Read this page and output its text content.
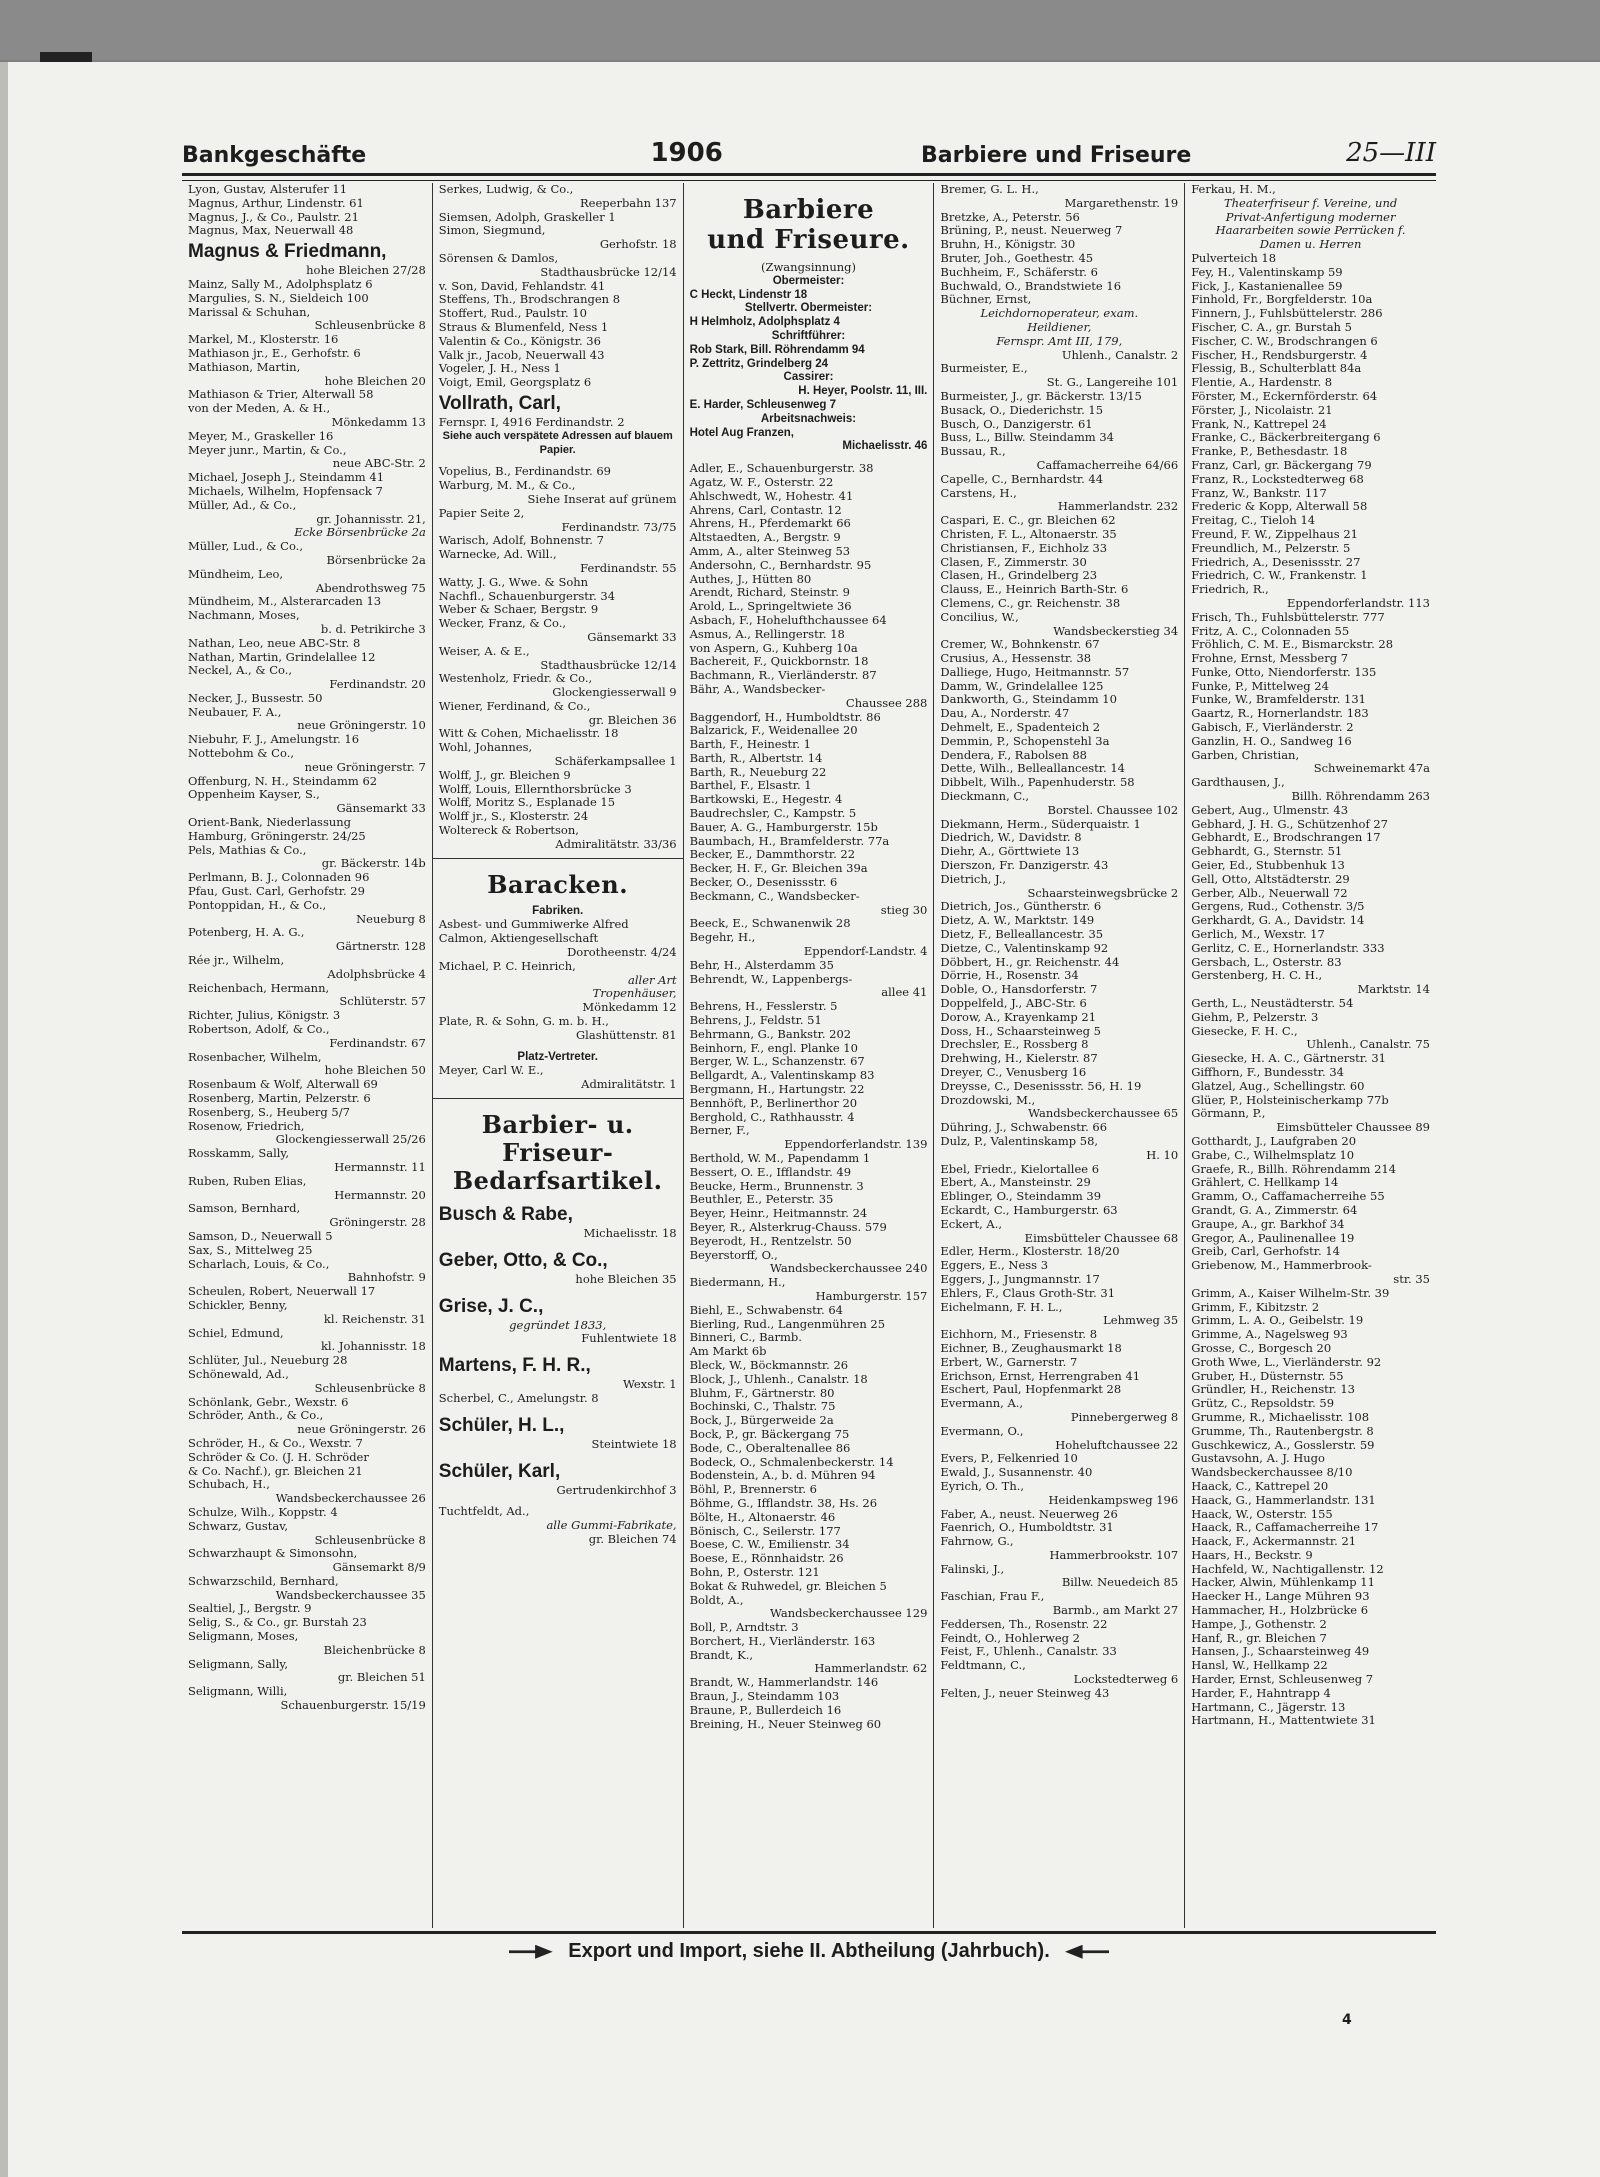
Bankgeschäfte	1906	Barbiere und Friseure	25—III

Lyon, Gustav, Alsterufer 11

Magnus, Arthur, Lindenstr. 61

Magnus, J., & Co., Paulstr. 21

Magnus, Max, Neuerwall 48

Magnus & Friedmann,

hohe Bleichen 27/28

Mainz, Sally M., Adolphsplatz 6

Margulies, S. N., Sieldeich 100

Marissal & Schuhan,

Schleusenbrücke 8

Markel, M., Klosterstr. 16

Mathiason jr., E., Gerhofstr. 6

Mathiason, Martin,

hohe Bleichen 20

Mathiason & Trier, Alterwall 58

von der Meden, A. & H.,

Mönkedamm 13

Meyer, M., Graskeller 16

Meyer junr., Martin, & Co.,

neue ABC-Str. 2

Michael, Joseph J., Steindamm 41

Michaels, Wilhelm, Hopfensack 7

Müller, Ad., & Co.,

gr. Johannisstr. 21,

Ecke Börsenbrücke 2a

Müller, Lud., & Co.,

Börsenbrücke 2a

Mündheim, Leo,

Abendrothsweg 75

Mündheim, M., Alsterarcaden 13

Nachmann, Moses,

b. d. Petrikirche 3

Nathan, Leo, neue ABC-Str. 8

Nathan, Martin, Grindelallee 12

Neckel, A., & Co.,

Ferdinandstr. 20

Necker, J., Bussestr. 50

Neubauer, F. A.,

neue Gröningerstr. 10

Niebuhr, F. J., Amelungstr. 16

Nottebohm & Co.,

neue Gröningerstr. 7

Offenburg, N. H., Steindamm 62

Oppenheim Kayser, S.,

Gänsemarkt 33

Orient-Bank, Niederlassung

Hamburg, Gröningerstr. 24/25

Pels, Mathias & Co.,

gr. Bäckerstr. 14b

Perlmann, B. J., Colonnaden 96

Pfau, Gust. Carl, Gerhofstr. 29

Pontoppidan, H., & Co.,

Neueburg 8

Potenberg, H. A. G.,

Gärtnerstr. 128

Rée jr., Wilhelm,

Adolphsbrücke 4

Reichenbach, Hermann,

Schlüterstr. 57

Richter, Julius, Königstr. 3

Robertson, Adolf, & Co.,

Ferdinandstr. 67

Rosenbacher, Wilhelm,

hohe Bleichen 50

Rosenbaum & Wolf, Alterwall 69

Rosenberg, Martin, Pelzerstr. 6

Rosenberg, S., Heuberg 5/7

Rosenow, Friedrich,

Glockengiesserwall 25/26

Rosskamm, Sally,

Hermannstr. 11

Ruben, Ruben Elias,

Hermannstr. 20

Samson, Bernhard,

Gröningerstr. 28

Samson, D., Neuerwall 5

Sax, S., Mittelweg 25

Scharlach, Louis, & Co.,

Bahnhofstr. 9

Scheulen, Robert, Neuerwall 17

Schickler, Benny,

kl. Reichenstr. 31

Schiel, Edmund,

kl. Johannisstr. 18

Schlüter, Jul., Neueburg 28

Schönewald, Ad.,

Schleusenbrücke 8

Schönlank, Gebr., Wexstr. 6

Schröder, Anth., & Co.,

neue Gröningerstr. 26

Schröder, H., & Co., Wexstr. 7

Schröder & Co. (J. H. Schröder

& Co. Nachf.), gr. Bleichen 21

Schubach, H.,

Wandsbeckerchaussee 26

Schulze, Wilh., Koppstr. 4

Schwarz, Gustav,

Schleusenbrücke 8

Schwarzhaupt & Simonsohn,

Gänsemarkt 8/9

Schwarzschild, Bernhard,

Wandsbeckerchaussee 35

Sealtiel, J., Bergstr. 9

Selig, S., & Co., gr. Burstah 23

Seligmann, Moses,

Bleichenbrücke 8

Seligmann, Sally,

gr. Bleichen 51

Seligmann, Willi,

Schauenburgerstr. 15/19

Serkes, Ludwig, & Co.,

Reeperbahn 137

Siemsen, Adolph, Graskeller 1

Simon, Siegmund,

Gerhofstr. 18

Sörensen & Damlos,

Stadthausbrücke 12/14

v. Son, David, Fehlandstr. 41

Steffens, Th., Brodschrangen 8

Stoffert, Rud., Paulstr. 10

Straus & Blumenfeld, Ness 1

Valentin & Co., Königstr. 36

Valk jr., Jacob, Neuerwall 43

Vogeler, J. H., Ness 1

Voigt, Emil, Georgsplatz 6

Vollrath, Carl,

Fernspr. I, 4916 Ferdinandstr. 2

Siehe auch verspätete Adressen auf blauem Papier.

Vopelius, B., Ferdinandstr. 69

Warburg, M. M., & Co.,

Siehe Inserat auf grünem

Papier Seite 2,

Ferdinandstr. 73/75

Warisch, Adolf, Bohnenstr. 7

Warnecke, Ad. Will.,

Ferdinandstr. 55

Watty, J. G., Wwe. & Sohn

Nachfl., Schauenburgerstr. 34

Weber & Schaer, Bergstr. 9

Wecker, Franz, & Co.,

Gänsemarkt 33

Weiser, A. & E.,

Stadthausbrücke 12/14

Westenholz, Friedr. & Co.,

Glockengiesserwall 9

Wiener, Ferdinand, & Co.,

gr. Bleichen 36

Witt & Cohen, Michaelisstr. 18

Wohl, Johannes,

Schäferkampsallee 1

Wolff, J., gr. Bleichen 9

Wolff, Louis, Ellernthorsbrücke 3

Wolff, Moritz S., Esplanade 15

Wolff jr., S., Klosterstr. 24

Woltereck & Robertson,

Admiralitätstr. 33/36

Baracken.

Fabriken.

Asbest- und Gummiwerke Alfred

Calmon, Aktiengesellschaft

Dorotheenstr. 4/24

Michael, P. C. Heinrich,

aller Art

Tropenhäuser,

Mönkedamm 12

Plate, R. & Sohn, G. m. b. H.,

Glashüttenstr. 81

Platz-Vertreter.

Meyer, Carl W. E.,

Admiralitätstr. 1

Barbier- u. Friseur-
Bedarfsartikel.
Busch & Rabe,

Michaelisstr. 18

Geber, Otto, & Co.,

hohe Bleichen 35

Grise, J. C.,

gegründet 1833,

Fuhlentwiete 18

Martens, F. H. R.,

Wexstr. 1

Scherbel, C., Amelungstr. 8

Schüler, H. L.,

Steintwiete 18

Schüler, Karl,

Gertrudenkirchhof 3

Tuchtfeldt, Ad.,

alle Gummi-Fabrikate,

gr. Bleichen 74

Barbiere
und Friseure.

(Zwangsinnung)

Obermeister:

C Heckt, Lindenstr 18

Stellvertr. Obermeister:

H Helmholz, Adolphsplatz 4

Schriftführer:

Rob Stark, Bill. Röhrendamm 94

P. Zettritz, Grindelberg 24

Cassirer:

H. Heyer, Poolstr. 11, III.

E. Harder, Schleusenweg 7

Arbeitsnachweis:

Hotel Aug Franzen,

Michaelisstr. 46

Adler, E., Schauenburgerstr. 38

Agatz, W. F., Osterstr. 22

Ahlschwedt, W., Hohestr. 41

Ahrens, Carl, Contastr. 12

Ahrens, H., Pferdemarkt 66

Altstaedten, A., Bergstr. 9

Amm, A., alter Steinweg 53

Andersohn, C., Bernhardstr. 95

Authes, J., Hütten 80

Arendt, Richard, Steinstr. 9

Arold, L., Springeltwiete 36

Asbach, F., Hohelufthchaussee 64

Asmus, A., Rellingerstr. 18

von Aspern, G., Kuhberg 10a

Bachereit, F., Quickbornstr. 18

Bachmann, R., Vierländerstr. 87

Bähr, A., Wandsbecker-

Chaussee 288

Baggendorf, H., Humboldtstr. 86

Balzarick, F., Weidenallee 20

Barth, F., Heinestr. 1

Barth, R., Albertstr. 14

Barth, R., Neueburg 22

Barthel, F., Elsastr. 1

Bartkowski, E., Hegestr. 4

Baudrechsler, C., Kampstr. 5

Bauer, A. G., Hamburgerstr. 15b

Baumbach, H., Bramfelderstr. 77a

Becker, E., Dammthorstr. 22

Becker, H. F., Gr. Bleichen 39a

Becker, O., Desenissstr. 6

Beckmann, C., Wandsbecker-

stieg 30

Beeck, E., Schwanenwik 28

Begehr, H.,

Eppendorf-Landstr. 4

Behr, H., Alsterdamm 35

Behrendt, W., Lappenbergs-

allee 41

Behrens, H., Fesslerstr. 5

Behrens, J., Feldstr. 51

Behrmann, G., Bankstr. 202

Beinhorn, F., engl. Planke 10

Berger, W. L., Schanzenstr. 67

Bellgardt, A., Valentinskamp 83

Bergmann, H., Hartungstr. 22

Bennhöft, P., Berlinerthor 20

Berghold, C., Rathhausstr. 4

Berner, F.,

Eppendorferlandstr. 139

Berthold, W. M., Papendamm 1

Bessert, O. E., Ifflandstr. 49

Beucke, Herm., Brunnenstr. 3

Beuthler, E., Peterstr. 35

Beyer, Heinr., Heitmannstr. 24

Beyer, R., Alsterkrug-Chauss. 579

Beyerodt, H., Rentzelstr. 50

Beyerstorff, O.,

Wandsbeckerchaussee 240

Biedermann, H.,

Hamburgerstr. 157

Biehl, E., Schwabenstr. 64

Bierling, Rud., Langenmühren 25

Binneri, C., Barmb.

Am Markt 6b

Bleck, W., Böckmannstr. 26

Block, J., Uhlenh., Canalstr. 18

Bluhm, F., Gärtnerstr. 80

Bochinski, C., Thalstr. 75

Bock, J., Bürgerweide 2a

Bock, P., gr. Bäckergang 75

Bode, C., Oberaltenallee 86

Bodeck, O., Schmalenbeckerstr. 14

Bodenstein, A., b. d. Mühren 94

Böhl, P., Brennerstr. 6

Böhme, G., Ifflandstr. 38, Hs. 26

Bölte, H., Altonaerstr. 46

Bönisch, C., Seilerstr. 177

Boese, C. W., Emilienstr. 34

Boese, E., Rönnhaidstr. 26

Bohn, P., Osterstr. 121

Bokat & Ruhwedel, gr. Bleichen 5

Boldt, A.,

Wandsbeckerchaussee 129

Boll, P., Arndtstr. 3

Borchert, H., Vierländerstr. 163

Brandt, K.,

Hammerlandstr. 62

Brandt, W., Hammerlandstr. 146

Braun, J., Steindamm 103

Braune, P., Bullerdeich 16

Breining, H., Neuer Steinweg 60

Bremer, G. L. H.,

Margarethenstr. 19

Bretzke, A., Peterstr. 56

Brüning, P., neust. Neuerweg 7

Bruhn, H., Königstr. 30

Bruter, Joh., Goethestr. 45

Buchheim, F., Schäferstr. 6

Buchwald, O., Brandstwiete 16

Büchner, Ernst,

Leichdornoperateur, exam.

Heildiener,

Fernspr. Amt III, 179,

Uhlenh., Canalstr. 2

Burmeister, E.,

St. G., Langereihe 101

Burmeister, J., gr. Bäckerstr. 13/15

Busack, O., Diederichstr. 15

Busch, O., Danzigerstr. 61

Buss, L., Billw. Steindamm 34

Bussau, R.,

Caffamacherreihe 64/66

Capelle, C., Bernhardstr. 44

Carstens, H.,

Hammerlandstr. 232

Caspari, E. C., gr. Bleichen 62

Christen, F. L., Altonaerstr. 35

Christiansen, F., Eichholz 33

Clasen, F., Zimmerstr. 30

Clasen, H., Grindelberg 23

Clauss, E., Heinrich Barth-Str. 6

Clemens, C., gr. Reichenstr. 38

Concilius, W.,

Wandsbeckerstieg 34

Cremer, W., Bohnkenstr. 67

Crusius, A., Hessenstr. 38

Dalliege, Hugo, Heitmannstr. 57

Damm, W., Grindelallee 125

Dankworth, G., Steindamm 10

Dau, A., Norderstr. 47

Dehmelt, E., Spadenteich 2

Demmin, P., Schopenstehl 3a

Dendera, F., Rabolsen 88

Dette, Wilh., Belleallancestr. 14

Dibbelt, Wilh., Papenhuderstr. 58

Dieckmann, C.,

Borstel. Chaussee 102

Diekmann, Herm., Süderquaistr. 1

Diedrich, W., Davidstr. 8

Diehr, A., Görttwiete 13

Dierszon, Fr. Danzigerstr. 43

Dietrich, J.,

Schaarsteinwegsbrücke 2

Dietrich, Jos., Güntherstr. 6

Dietz, A. W., Marktstr. 149

Dietz, F., Belleallancestr. 35

Dietze, C., Valentinskamp 92

Döbbert, H., gr. Reichenstr. 44

Dörrie, H., Rosenstr. 34

Doble, O., Hansdorferstr. 7

Doppelfeld, J., ABC-Str. 6

Dorow, A., Krayenkamp 21

Doss, H., Schaarsteinweg 5

Drechsler, E., Rossberg 8

Drehwing, H., Kielerstr. 87

Dreyer, C., Venusberg 16

Dreysse, C., Desenissstr. 56, H. 19

Drozdowski, M.,

Wandsbeckerchaussee 65

Dühring, J., Schwabenstr. 66

Dulz, P., Valentinskamp 58,

H. 10

Ebel, Friedr., Kielortallee 6

Ebert, A., Mansteinstr. 29

Eblinger, O., Steindamm 39

Eckardt, C., Hamburgerstr. 63

Eckert, A.,

Eimsbütteler Chaussee 68

Edler, Herm., Klosterstr. 18/20

Eggers, E., Ness 3

Eggers, J., Jungmannstr. 17

Ehlers, F., Claus Groth-Str. 31

Eichelmann, F. H. L.,

Lehmweg 35

Eichhorn, M., Friesenstr. 8

Eichner, B., Zeughausmarkt 18

Erbert, W., Garnerstr. 7

Erichson, Ernst, Herrengraben 41

Eschert, Paul, Hopfenmarkt 28

Evermann, A.,

Pinnebergerweg 8

Evermann, O.,

Hoheluftchaussee 22

Evers, P., Felkenried 10

Ewald, J., Susannenstr. 40

Eyrich, O. Th.,

Heidenkampsweg 196

Faber, A., neust. Neuerweg 26

Faenrich, O., Humboldtstr. 31

Fahrnow, G.,

Hammerbrookstr. 107

Falinski, J.,

Billw. Neuedeich 85

Faschian, Frau F.,

Barmb., am Markt 27

Feddersen, Th., Rosenstr. 22

Feindt, O., Hohlerweg 2

Feist, F., Uhlenh., Canalstr. 33

Feldtmann, C.,

Lockstedterweg 6

Felten, J., neuer Steinweg 43

Ferkau, H. M.,

Theaterfriseur f. Vereine, und

Privat-Anfertigung moderner

Haararbeiten sowie Perrücken f.

Damen u. Herren

Pulverteich 18

Fey, H., Valentinskamp 59

Fick, J., Kastanienallee 59

Finhold, Fr., Borgfelderstr. 10a

Finnern, J., Fuhlsbüttelerstr. 286

Fischer, C. A., gr. Burstah 5

Fischer, C. W., Brodschrangen 6

Fischer, H., Rendsburgerstr. 4

Flessig, B., Schulterblatt 84a

Flentie, A., Hardenstr. 8

Förster, M., Eckernförderstr. 64

Förster, J., Nicolaistr. 21

Frank, N., Kattrepel 24

Franke, C., Bäckerbreitergang 6

Franke, P., Bethesdastr. 18

Franz, Carl, gr. Bäckergang 79

Franz, R., Lockstedterweg 68

Franz, W., Bankstr. 117

Frederic & Kopp, Alterwall 58

Freitag, C., Tieloh 14

Freund, F. W., Zippelhaus 21

Freundlich, M., Pelzerstr. 5

Friedrich, A., Desenissstr. 27

Friedrich, C. W., Frankenstr. 1

Friedrich, R.,

Eppendorferlandstr. 113

Frisch, Th., Fuhlsbüttelerstr. 777

Fritz, A. C., Colonnaden 55

Fröhlich, C. M. E., Bismarckstr. 28

Frohne, Ernst, Messberg 7

Funke, Otto, Niendorferstr. 135

Funke, P., Mittelweg 24

Funke, W., Bramfelderstr. 131

Gaartz, R., Hornerlandstr. 183

Gabisch, F., Vierländerstr. 2

Ganzlin, H. O., Sandweg 16

Garben, Christian,

Schweinemarkt 47a

Gardthausen, J.,

Billh. Röhrendamm 263

Gebert, Aug., Ulmenstr. 43

Gebhard, J. H. G., Schützenhof 27

Gebhardt, E., Brodschrangen 17

Gebhardt, G., Sternstr. 51

Geier, Ed., Stubbenhuk 13

Gell, Otto, Altstädterstr. 29

Gerber, Alb., Neuerwall 72

Gergens, Rud., Cothenstr. 3/5

Gerkhardt, G. A., Davidstr. 14

Gerlich, M., Wexstr. 17

Gerlitz, C. E., Hornerlandstr. 333

Gersbach, L., Osterstr. 83

Gerstenberg, H. C. H.,

Marktstr. 14

Gerth, L., Neustädterstr. 54

Giehm, P., Pelzerstr. 3

Giesecke, F. H. C.,

Uhlenh., Canalstr. 75

Giesecke, H. A. C., Gärtnerstr. 31

Giffhorn, F., Bundesstr. 34

Glatzel, Aug., Schellingstr. 60

Glüer, P., Holsteinischerkamp 77b

Görmann, P.,

Eimsbütteler Chaussee 89

Gotthardt, J., Laufgraben 20

Grabe, C., Wilhelmsplatz 10

Graefe, R., Billh. Röhrendamm 214

Grählert, C. Hellkamp 14

Gramm, O., Caffamacherreihe 55

Grandt, G. A., Zimmerstr. 64

Graupe, A., gr. Barkhof 34

Gregor, A., Paulinenallee 19

Greib, Carl, Gerhofstr. 14

Griebenow, M., Hammerbrook-

str. 35

Grimm, A., Kaiser Wilhelm-Str. 39

Grimm, F., Kibitzstr. 2

Grimm, L. A. O., Geibelstr. 19

Grimme, A., Nagelsweg 93

Grosse, C., Borgesch 20

Groth Wwe, L., Vierländerstr. 92

Gruber, H., Düsternstr. 55

Gründler, H., Reichenstr. 13

Grütz, C., Repsoldstr. 59

Grumme, R., Michaelisstr. 108

Grumme, Th., Rautenbergstr. 8

Guschkewicz, A., Gosslerstr. 59

Gustavsohn, A. J. Hugo

Wandsbeckerchaussee 8/10

Haack, C., Kattrepel 20

Haack, G., Hammerlandstr. 131

Haack, W., Osterstr. 155

Haack, R., Caffamacherreihe 17

Haack, F., Ackermannstr. 21

Haars, H., Beckstr. 9

Hachfeld, W., Nachtigallenstr. 12

Hacker, Alwin, Mühlenkamp 11

Haecker H., Lange Mühren 93

Hammacher, H., Holzbrücke 6

Hampe, J., Gothenstr. 2

Hanf, R., gr. Bleichen 7

Hansen, J., Schaarsteinweg 49

Hansl, W., Hellkamp 22

Harder, Ernst, Schleusenweg 7

Harder, F., Hahntrapp 4

Hartmann, C., Jägerstr. 13

Hartmann, H., Mattentwiete 31

Export und Import, siehe II. Abtheilung (Jahrbuch).
4
